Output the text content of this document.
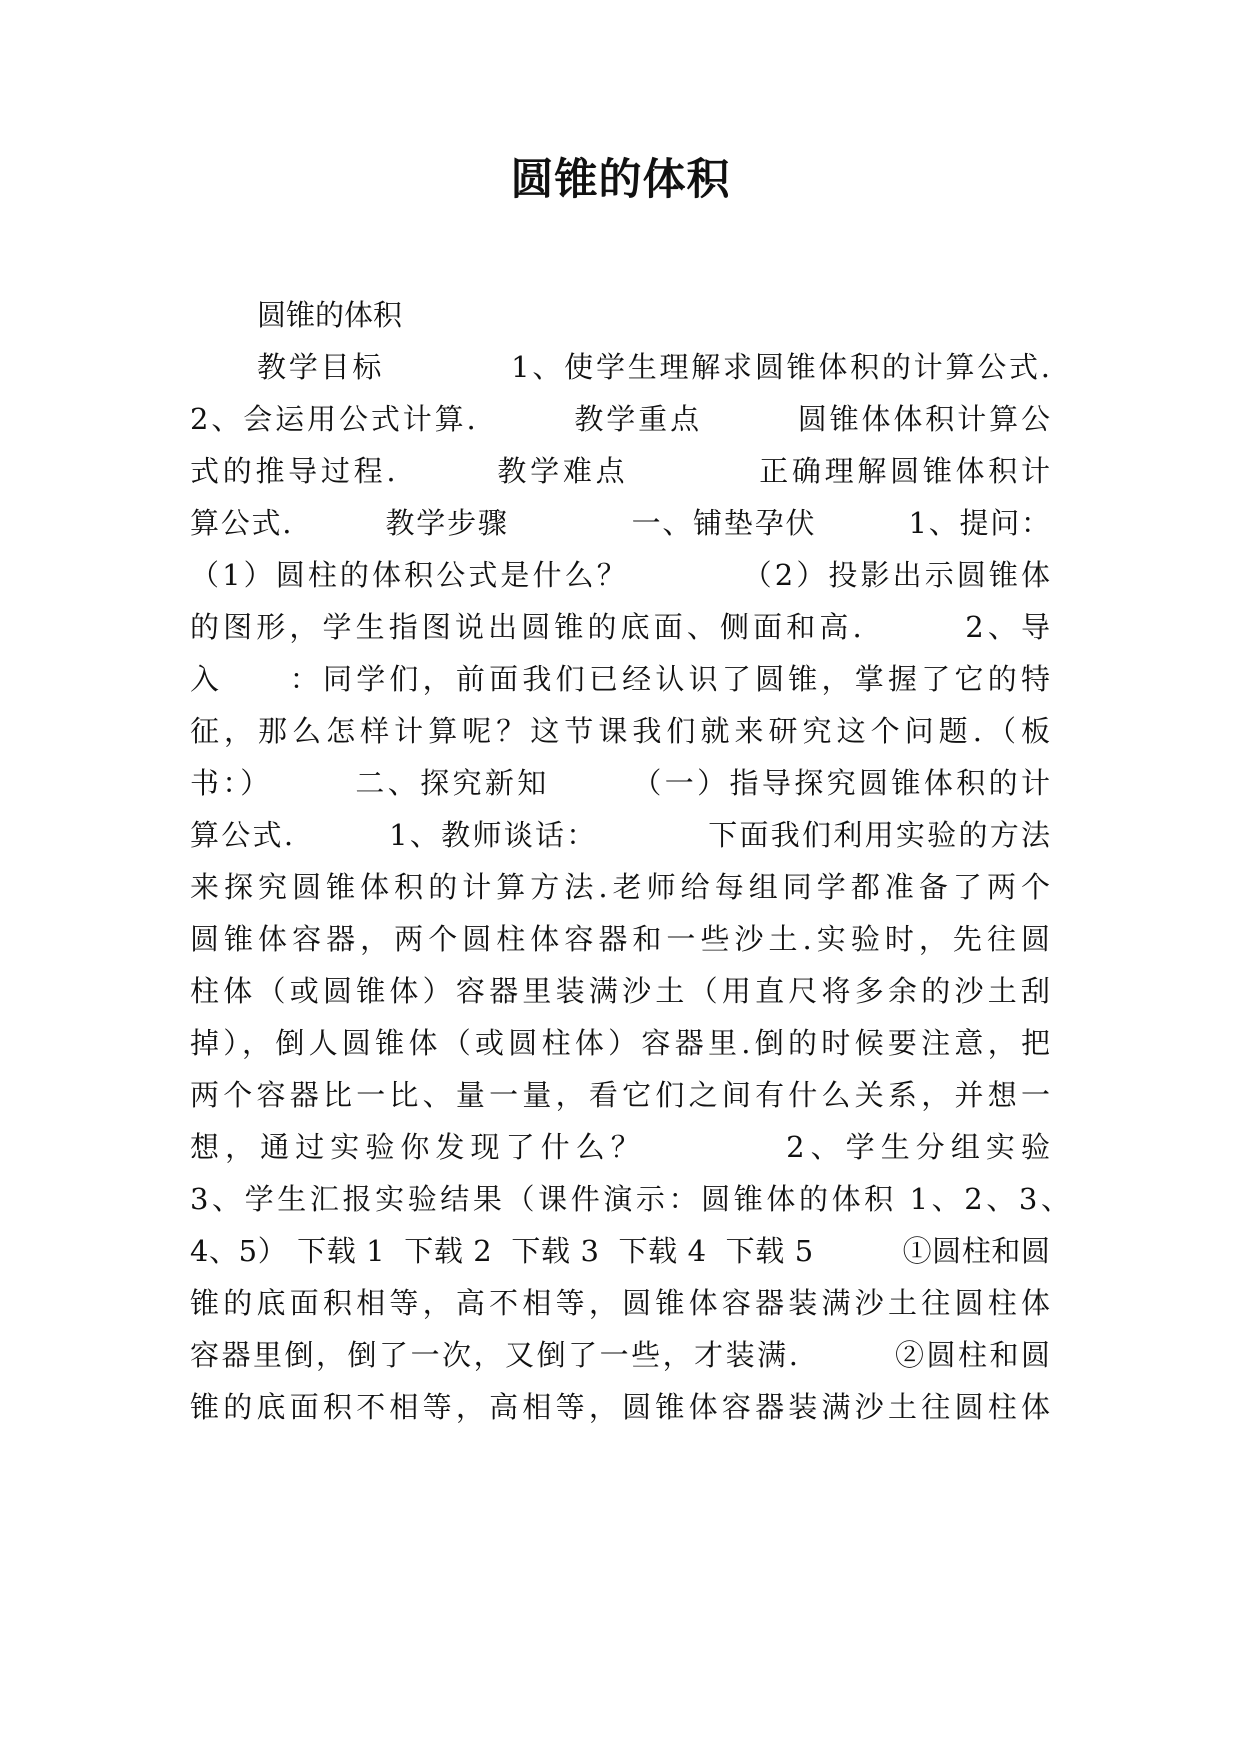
圆锥的体积
圆锥的体积
教学目标　　　　1、使学生理解求圆锥体积的计算公式.
2、会运用公式计算.　　　教学重点　　　圆锥体体积计算公
式的推导过程.　　　教学难点　　　　正确理解圆锥体积计
算公式.　　　教学步骤　　　　一、铺垫孕伏　　　1、提问：
（1）圆柱的体积公式是什么？　　　　（2）投影出示圆锥体
的图形，学生指图说出圆锥的底面、侧面和高.　　　2、导
入　　：同学们，前面我们已经认识了圆锥，掌握了它的特
征，那么怎样计算呢？这节课我们就来研究这个问题.（板
书：）　　　二、探究新知　　　（一）指导探究圆锥体积的计
算公式.　　　1、教师谈话：　　　　下面我们利用实验的方法
来探究圆锥体积的计算方法.老师给每组同学都准备了两个
圆锥体容器，两个圆柱体容器和一些沙土.实验时，先往圆
柱体（或圆锥体）容器里装满沙土（用直尺将多余的沙土刮
掉），倒人圆锥体（或圆柱体）容器里.倒的时候要注意，把
两个容器比一比、量一量，看它们之间有什么关系，并想一
想，通过实验你发现了什么？　　　　2、学生分组实验
3、学生汇报实验结果（课件演示：圆锥体的体积 1、2、3、
4、5） 下载 1  下载 2  下载 3  下载 4  下载 5　　　①圆柱和圆
锥的底面积相等，高不相等，圆锥体容器装满沙土往圆柱体
容器里倒，倒了一次，又倒了一些，才装满.　　　②圆柱和圆
锥的底面积不相等，高相等，圆锥体容器装满沙土往圆柱体
